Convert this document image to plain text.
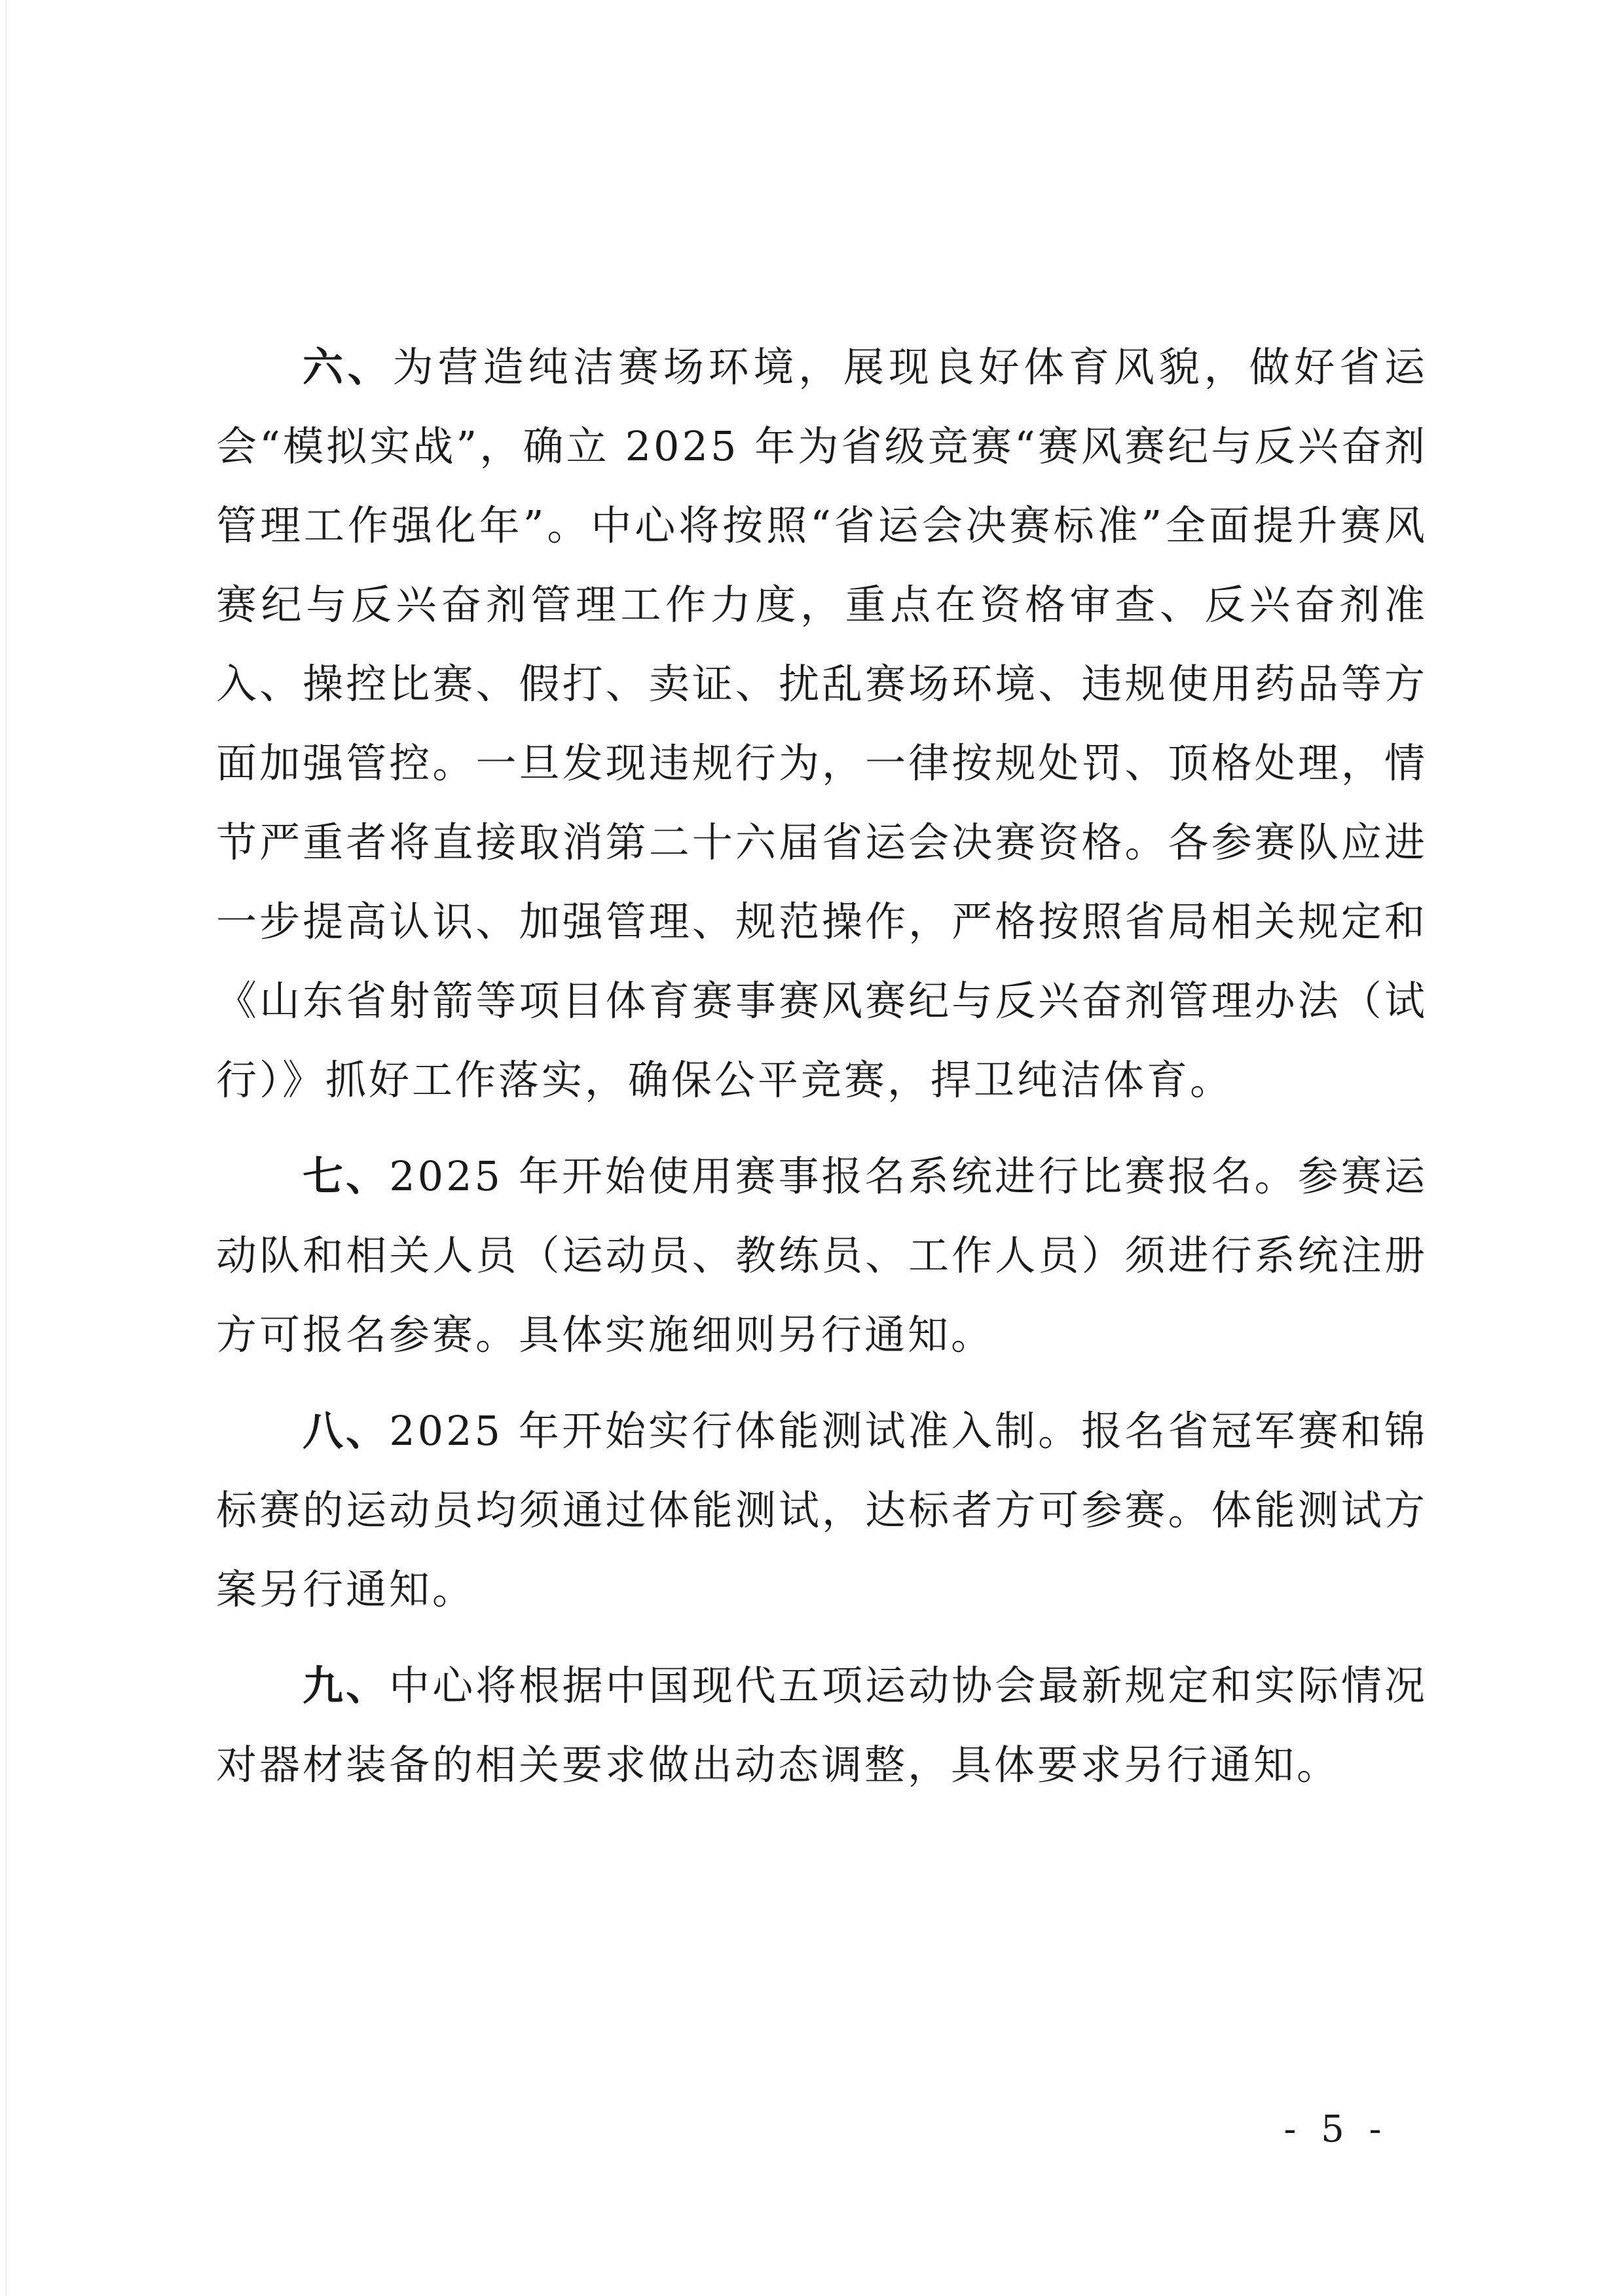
六、为营造纯洁赛场环境，展现良好体育风貌，做好省运会“模拟实战”，确立 2025 年为省级竞赛“赛风赛纪与反兴奋剂管理工作强化年”。中心将按照“省运会决赛标准”全面提升赛风赛纪与反兴奋剂管理工作力度，重点在资格审查、反兴奋剂准入、操控比赛、假打、卖证、扰乱赛场环境、违规使用药品等方面加强管控。一旦发现违规行为，一律按规处罚、顶格处理，情节严重者将直接取消第二十六届省运会决赛资格。各参赛队应进一步提高认识、加强管理、规范操作，严格按照省局相关规定和《山东省射箭等项目体育赛事赛风赛纪与反兴奋剂管理办法（试行）》抓好工作落实，确保公平竞赛，捍卫纯洁体育。

七、2025 年开始使用赛事报名系统进行比赛报名。参赛运动队和相关人员（运动员、教练员、工作人员）须进行系统注册方可报名参赛。具体实施细则另行通知。

八、2025 年开始实行体能测试准入制。报名省冠军赛和锦标赛的运动员均须通过体能测试，达标者方可参赛。体能测试方案另行通知。

九、中心将根据中国现代五项运动协会最新规定和实际情况对器材装备的相关要求做出动态调整，具体要求另行通知。

- 5 -
